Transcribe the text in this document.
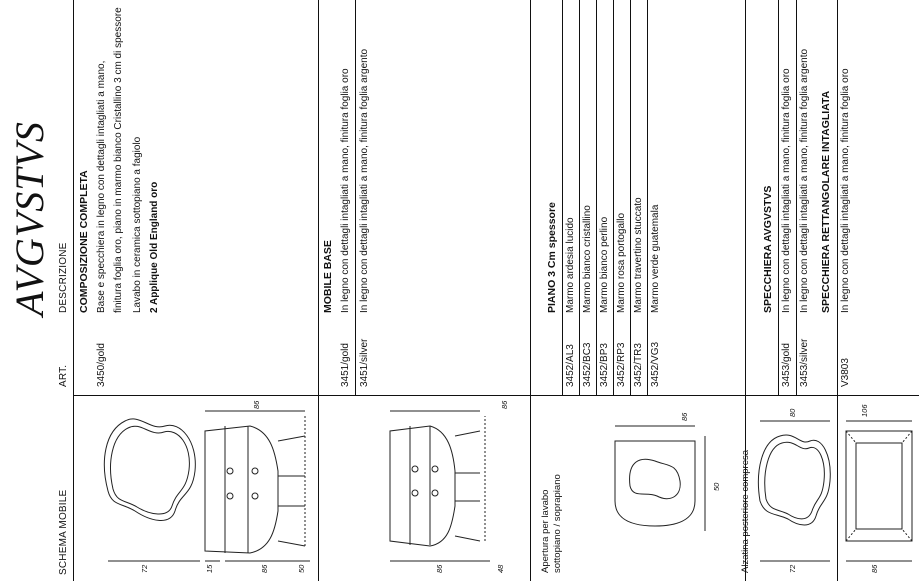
AVGVSTVS
SCHEMA MOBILE
ART.
DESCRIZIONE COMPOSIZIONE COMPLETA
3450/gold
Base e specchiera in legno con dettagli intagliati a mano, finitura foglia oro, piano in marmo bianco Cristallino 3 cm di spessore Lavabo in ceramica sottopiano a fagiolo 2 Applique Old England oro
72	15	86	50
86
MOBILE BASE
3451/gold
In legno con dettagli intagliati a mano, finitura foglia oro
3451/silver
In legno con dettagli intagliati a mano, finitura foglia argento
86	48
86
Apertura per lavabo sottopiano / soprapiano
PIANO 3 Cm spessore
3452/AL3
Marmo ardesia lucido
3452/BC3
Marmo bianco cristallino
3452/BP3
Marmo bianco perlino
3452/RP3
Marmo rosa portogallo
3452/TR3
Marmo travertino stuccato
3452/VG3
Marmo verde guatemala
50
86
Alzatina posteriore compresa
SPECCHIERA AVGVSTVS
3453/gold
In legno con dettagli intagliati a mano, finitura foglia oro
3453/silver
In legno con dettagli intagliati a mano, finitura foglia argento
72
80
SPECCHIERA RETTANGOLARE INTAGLIATA
V3803
In legno con dettagli intagliati a mano, finitura foglia oro
86
106
